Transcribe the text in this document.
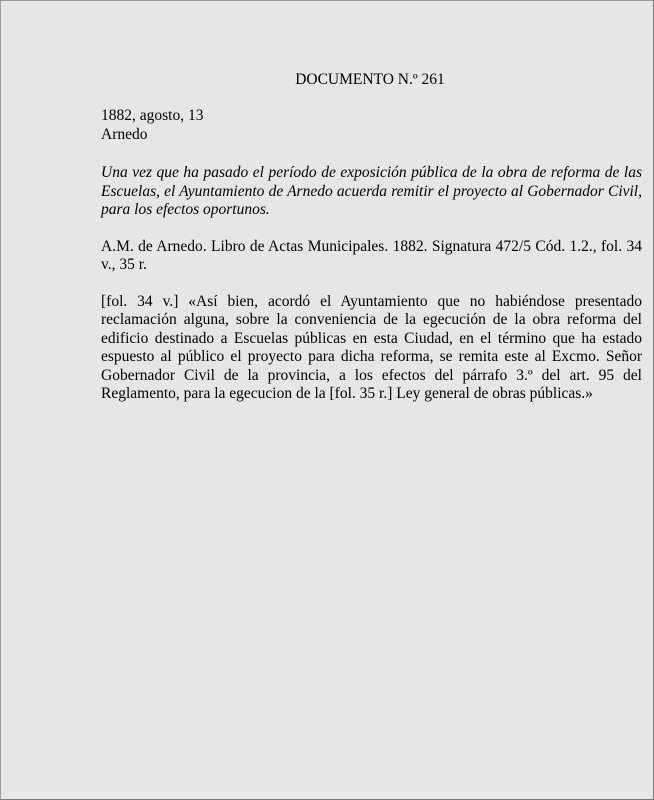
DOCUMENTO N.º 261

1882, agosto, 13
Arnedo

Una vez que ha pasado el período de exposición pública de la obra de reforma de las Escuelas, el Ayuntamiento de Arnedo acuerda remitir el proyecto al Gobernador Civil, para los efectos oportunos.

A.M. de Arnedo. Libro de Actas Municipales. 1882. Signatura 472/5 Cód. 1.2., fol. 34 v., 35 r.

[fol. 34 v.] «Así bien, acordó el Ayuntamiento que no habiéndose presentado reclamación alguna, sobre la conveniencia de la egecución de la obra reforma del edificio destinado a Escuelas públicas en esta Ciudad, en el término que ha estado espuesto al público el proyecto para dicha reforma, se remita este al Excmo. Señor Gobernador Civil de la provincia, a los efectos del párrafo 3.º del art. 95 del Reglamento, para la egecucion de la [fol. 35 r.] Ley general de obras públicas.»
